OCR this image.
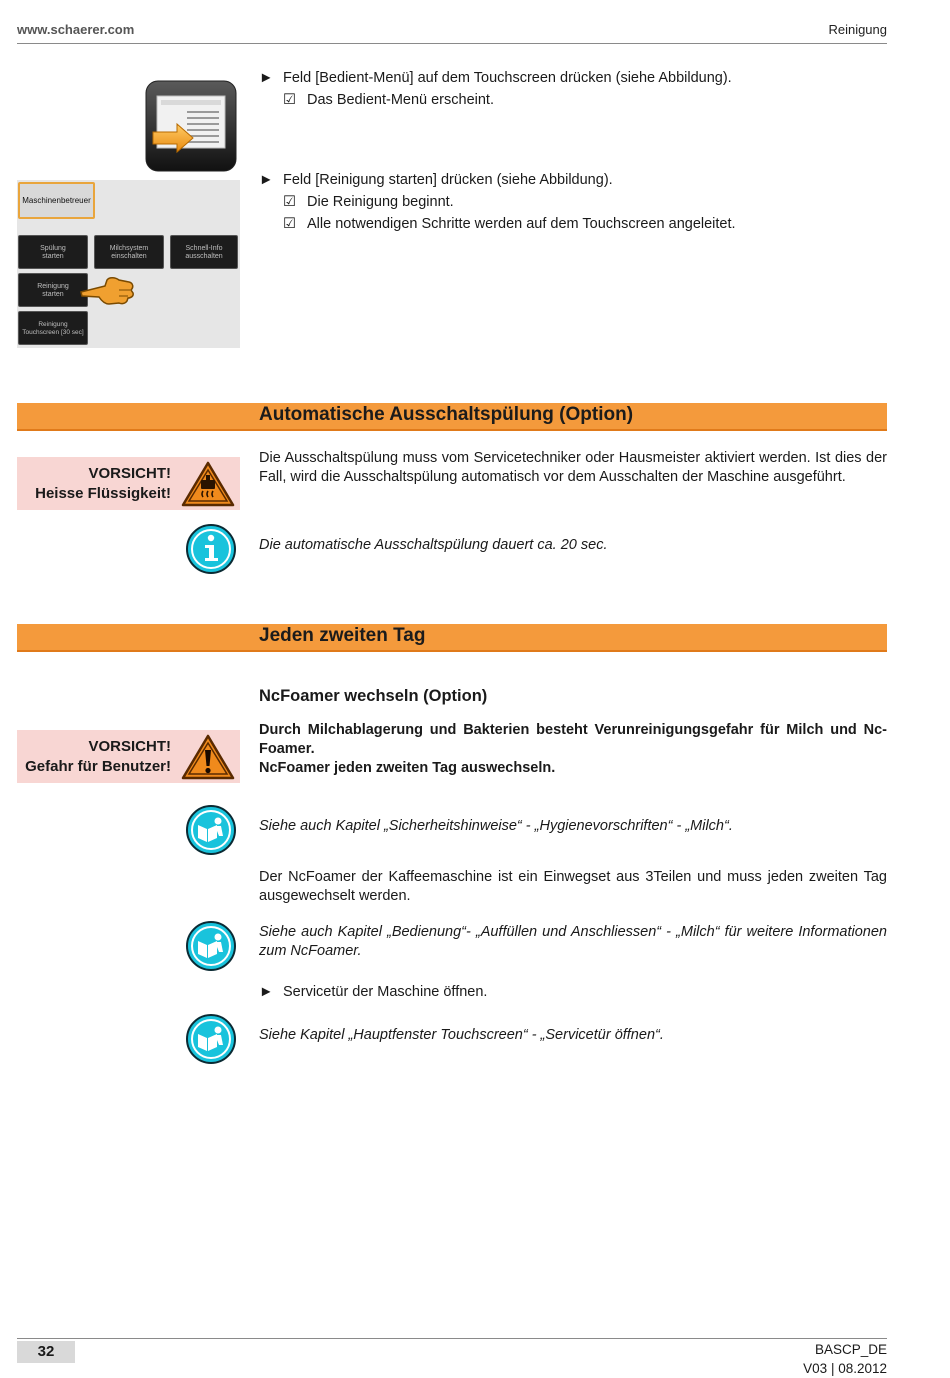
www.schaerer.com	Reinigung
► Feld [Bedient-Menü] auf dem Touchscreen drücken (siehe Abbildung).
☑ Das Bedient-Menü erscheint.
Maschinenbetreuer
Spülung
starten
Milchsystem
einschalten
Schnell-Info
ausschalten
Reinigung
starten
Reinigung
Touchscreen [30 sec]
► Feld [Reinigung starten] drücken (siehe Abbildung).
☑ Die Reinigung beginnt.
☑ Alle notwendigen Schritte werden auf dem Touchscreen angeleitet.
Automatische Ausschaltspülung (Option)
VORSICHT!
Heisse Flüssigkeit!
Die Ausschaltspülung muss vom Servicetechniker oder Hausmeister aktiviert werden. Ist dies der Fall, wird die Ausschaltspülung automatisch vor dem Ausschalten der Maschine ausgeführt.
Die automatische Ausschaltspülung dauert ca. 20 sec.
Jeden zweiten Tag
NcFoamer wechseln (Option)
VORSICHT!
Gefahr für Benutzer!
Durch Milchablagerung und Bakterien besteht Verunreinigungsgefahr für Milch und Nc-
Foamer.
NcFoamer jeden zweiten Tag auswechseln.
Siehe auch Kapitel „Sicherheitshinweise“ - „Hygienevorschriften“ - „Milch“.
Der NcFoamer der Kaffeemaschine ist ein Einwegset aus 3Teilen und muss jeden zweiten Tag ausgewechselt werden.
Siehe auch Kapitel „Bedienung“- „Auffüllen und Anschliessen“ - „Milch“ für weitere Informationen zum NcFoamer.
► Servicetür der Maschine öffnen.
Siehe Kapitel „Hauptfenster Touchscreen“ - „Servicetür öffnen“.
32	BASCP_DE
V03 | 08.2012
